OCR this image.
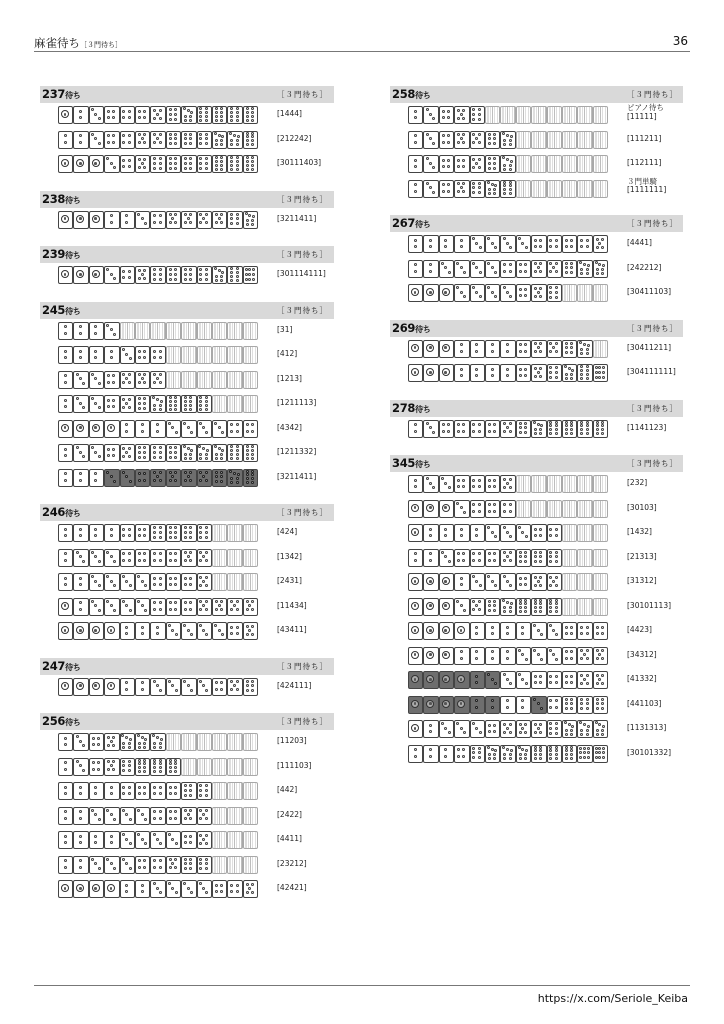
麻雀待ち［３門待ち］	36
237待ち	［３門待ち］
[1444]
[212242]
[30111403]
238待ち	［３門待ち］
[3211411]
239待ち	［３門待ち］
[301114111]
245待ち	［３門待ち］
[31]
[412]
[1213]
[1211113]
[4342]
[1211332]
[3211411]
246待ち	［３門待ち］
[424]
[1342]
[2431]
[11434]
[43411]
247待ち	［３門待ち］
[424111]
256待ち	［３門待ち］
[11203]
[111103]
[442]
[2422]
[4411]
[23212]
[42421]
258待ち	［３門待ち］
ピアノ待ち
[11111]
[111211]
[112111]
３門単騎
[1111111]
267待ち	［３門待ち］
[4441]
[242212]
[30411103]
269待ち	［３門待ち］
[30411211]
[304111111]
278待ち	［３門待ち］
[1141123]
345待ち	［３門待ち］
[232]
[30103]
[1432]
[21313]
[31312]
[30101113]
[4423]
[34312]
[41332]
[441103]
[1131313]
[30101332]
https://x.com/Seriole_Keiba
